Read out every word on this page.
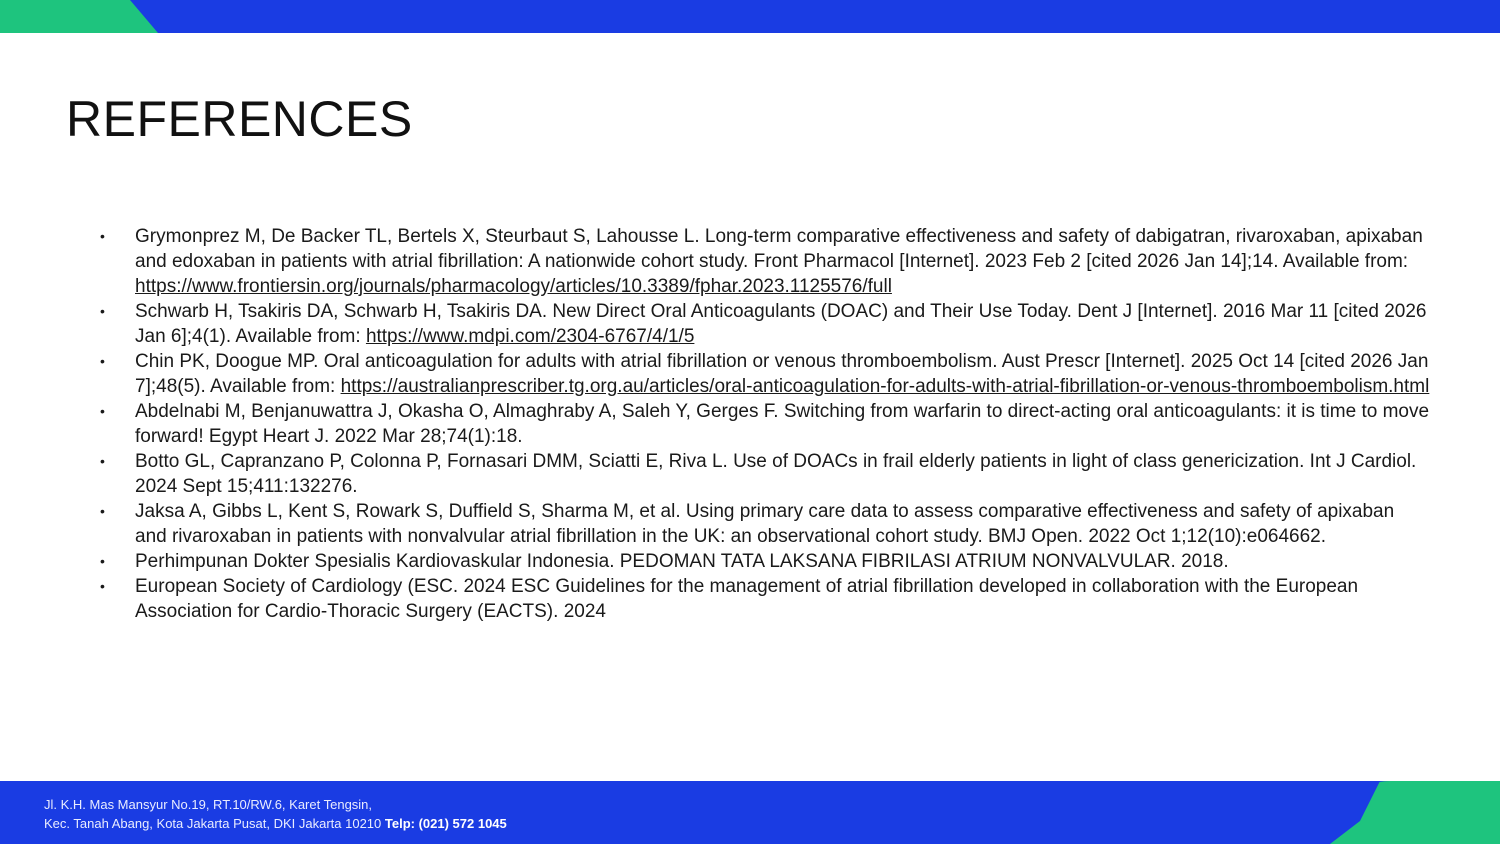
REFERENCES
• Grymonprez M, De Backer TL, Bertels X, Steurbaut S, Lahousse L. Long-term comparative effectiveness and safety of dabigatran, rivaroxaban, apixaban and edoxaban in patients with atrial fibrillation: A nationwide cohort study. Front Pharmacol [Internet]. 2023 Feb 2 [cited 2026 Jan 14];14. Available from: https://www.frontiersin.org/journals/pharmacology/articles/10.3389/fphar.2023.1125576/full
• Schwarb H, Tsakiris DA, Schwarb H, Tsakiris DA. New Direct Oral Anticoagulants (DOAC) and Their Use Today. Dent J [Internet]. 2016 Mar 11 [cited 2026 Jan 6];4(1). Available from: https://www.mdpi.com/2304-6767/4/1/5
• Chin PK, Doogue MP. Oral anticoagulation for adults with atrial fibrillation or venous thromboembolism. Aust Prescr [Internet]. 2025 Oct 14 [cited 2026 Jan 7];48(5). Available from: https://australianprescriber.tg.org.au/articles/oral-anticoagulation-for-adults-with-atrial-fibrillation-or-venous-thromboembolism.html
• Abdelnabi M, Benjanuwattra J, Okasha O, Almaghraby A, Saleh Y, Gerges F. Switching from warfarin to direct-acting oral anticoagulants: it is time to move forward! Egypt Heart J. 2022 Mar 28;74(1):18.
• Botto GL, Capranzano P, Colonna P, Fornasari DMM, Sciatti E, Riva L. Use of DOACs in frail elderly patients in light of class genericization. Int J Cardiol. 2024 Sept 15;411:132276.
• Jaksa A, Gibbs L, Kent S, Rowark S, Duffield S, Sharma M, et al. Using primary care data to assess comparative effectiveness and safety of apixaban and rivaroxaban in patients with nonvalvular atrial fibrillation in the UK: an observational cohort study. BMJ Open. 2022 Oct 1;12(10):e064662.
• Perhimpunan Dokter Spesialis Kardiovaskular Indonesia. PEDOMAN TATA LAKSANA FIBRILASI ATRIUM NONVALVULAR. 2018.
• European Society of Cardiology (ESC. 2024 ESC Guidelines for the management of atrial fibrillation developed in collaboration with the European Association for Cardio-Thoracic Surgery (EACTS). 2024
Jl. K.H. Mas Mansyur No.19, RT.10/RW.6, Karet Tengsin,
Kec. Tanah Abang, Kota Jakarta Pusat, DKI Jakarta 10210 Telp: (021) 572 1045
